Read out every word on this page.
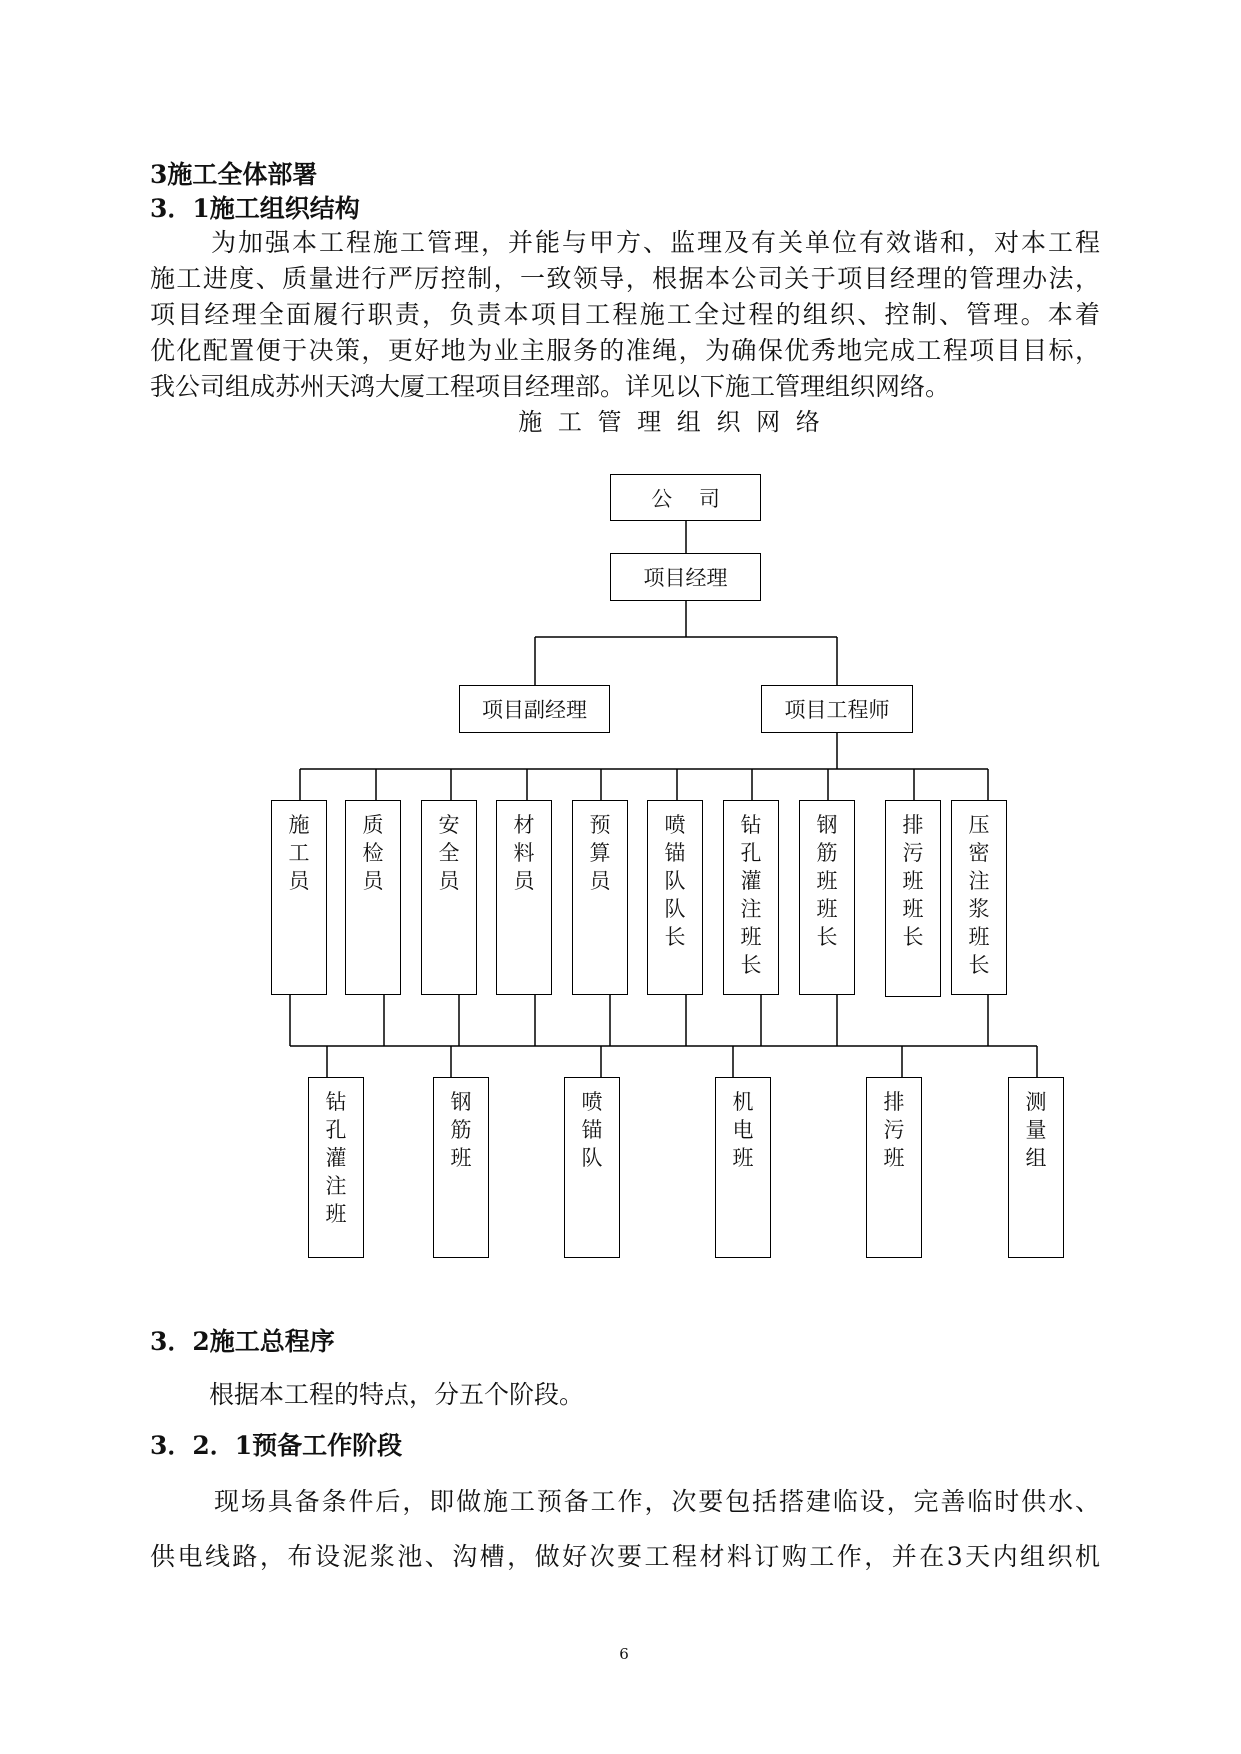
3施工全体部署
3．1施工组织结构
为加强本工程施工管理，并能与甲方、监理及有关单位有效谐和，对本工程
施工进度、质量进行严厉控制，一致领导，根据本公司关于项目经理的管理办法，
项目经理全面履行职责，负责本项目工程施工全过程的组织、控制、管理。本着
优化配置便于决策，更好地为业主服务的准绳，为确保优秀地完成工程项目目标，
我公司组成苏州天鸿大厦工程项目经理部。详见以下施工管理组织网络。
施 工 管 理 组 织 网 络
公    司
项目经理
项目副经理	项目工程师
施工员
质检员
安全员
材料员
预算员
喷锚队队长
钻孔灌注班长
钢筋班班长
排污班班长
压密注浆班长
钻孔灌注班
钢筋班
喷锚队
机电班
排污班
测量组
3．2施工总程序
根据本工程的特点，分五个阶段。
3．2．1预备工作阶段
现场具备条件后，即做施工预备工作，次要包括搭建临设，完善临时供水、
供电线路，布设泥浆池、沟槽，做好次要工程材料订购工作，并在3天内组织机
6
